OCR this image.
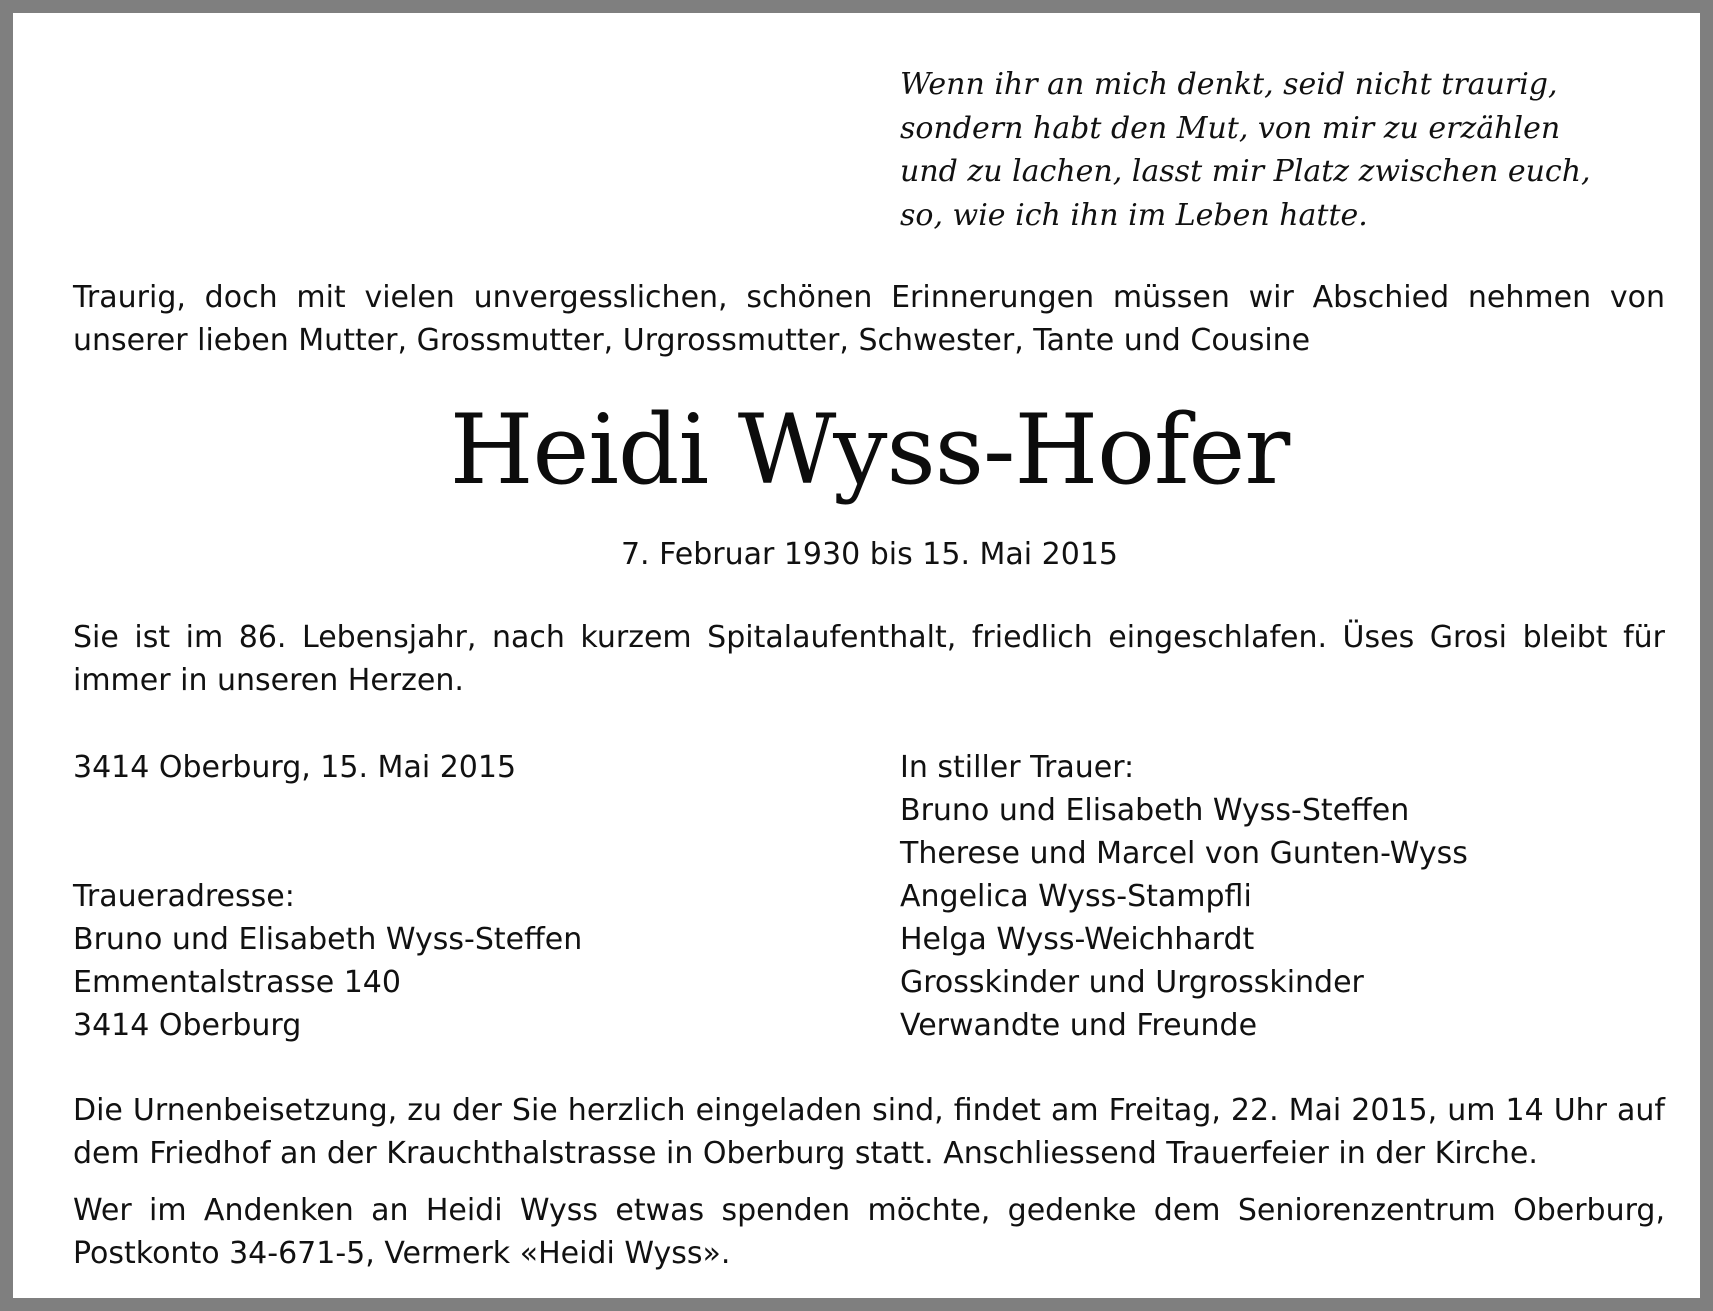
Wenn ihr an mich denkt, seid nicht traurig,
sondern habt den Mut, von mir zu erzählen
und zu lachen, lasst mir Platz zwischen euch,
so, wie ich ihn im Leben hatte.
Traurig, doch mit vielen unvergesslichen, schönen Erinnerungen müssen wir Abschied nehmen von unserer lieben Mutter, Grossmutter, Urgrossmutter, Schwester, Tante und Cousine
Heidi Wyss-Hofer
7. Februar 1930 bis 15. Mai 2015
Sie ist im 86. Lebensjahr, nach kurzem Spitalaufenthalt, friedlich eingeschlafen. Üses Grosi bleibt für immer in unseren Herzen.
3414 Oberburg, 15. Mai 2015
Traueradresse:
Bruno und Elisabeth Wyss-Steffen
Emmentalstrasse 140
3414 Oberburg
In stiller Trauer:
Bruno und Elisabeth Wyss-Steffen
Therese und Marcel von Gunten-Wyss
Angelica Wyss-Stampfli
Helga Wyss-Weichhardt
Grosskinder und Urgrosskinder
Verwandte und Freunde
Die Urnenbeisetzung, zu der Sie herzlich eingeladen sind, findet am Freitag, 22. Mai 2015, um 14 Uhr auf dem Friedhof an der Krauchthalstrasse in Oberburg statt. Anschliessend Trauerfeier in der Kirche.
Wer im Andenken an Heidi Wyss etwas spenden möchte, gedenke dem Seniorenzentrum Oberburg, Postkonto 34-671-5, Vermerk «Heidi Wyss».
